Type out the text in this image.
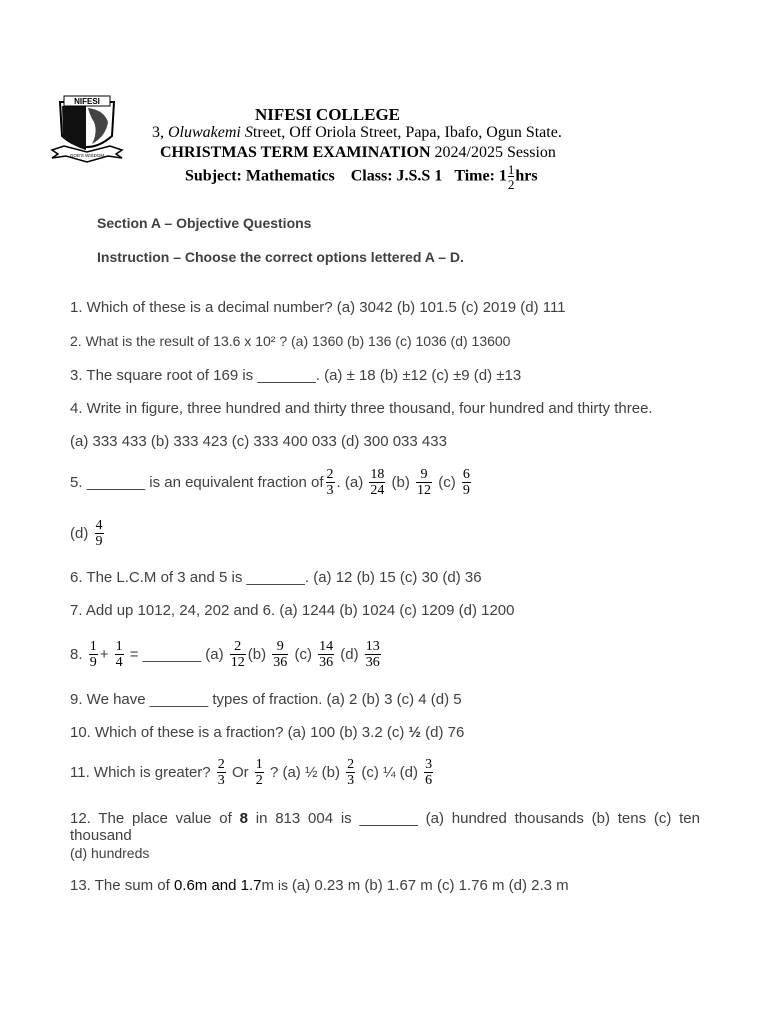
NIFESI
GOD'S WISDOM
NIFESI COLLEGE
3, Oluwakemi Street, Off Oriola Street, Papa, Ibafo, Ogun State.
CHRISTMAS TERM EXAMINATION 2024/2025 Session
Subject: Mathematics    Class: J.S.S 1   Time: $1 \frac{1}{2}$ hrs
Section A – Objective Questions
Instruction – Choose the correct options lettered A – D.
1. Which of these is a decimal number? (a) 3042 (b) 101.5 (c) 2019 (d) 111
2. What is the result of 13.6 x 10² ? (a) 1360 (b) 136 (c) 1036 (d) 13600
3. The square root of 169 is _______. (a) ± 18 (b) ±12 (c) ±9 (d) ±13
4. Write in figure, three hundred and thirty three thousand, four hundred and thirty three.
(a) 333 433 (b) 333 423 (c) 333 400 033 (d) 300 033 433
5. _______ is an equivalent fraction of $\frac{2}{3}$ . $(a) \frac{18}{24} (b) \frac{9}{12} (c) \frac{6}{9}$
$(d) \frac{4}{9}$
6. The L.C.M of 3 and 5 is _______. (a) 12 (b) 15 (c) 30 (d) 36
7. Add up 1012, 24, 202 and 6. (a) 1244 (b) 1024 (c) 1209 (d) 1200
8. $\frac{1}{9} + \frac{1}{4}$ = _______ $(a) \frac{2}{12} (b) \frac{9}{36} (c) \frac{14}{36} (d) \frac{13}{36}$
9. We have _______ types of fraction. (a) 2 (b) 3 (c) 4 (d) 5
10. Which of these is a fraction? (a) 100 (b) 3.2 (c) ½ (d) 76
11. Which is greater? $\frac{2}{3}$ Or $\frac{1}{2}$ ? (a) ½ $(b) \frac{2}{3} (c)$ ¼ $(d) \frac{3}{6}$
12. The place value of 8 in 813 004 is _______ (a) hundred thousands (b) tens (c) ten thousand
(d) hundreds
13. The sum of 0.6m and 1.7m is (a) 0.23 m (b) 1.67 m (c) 1.76 m (d) 2.3 m
